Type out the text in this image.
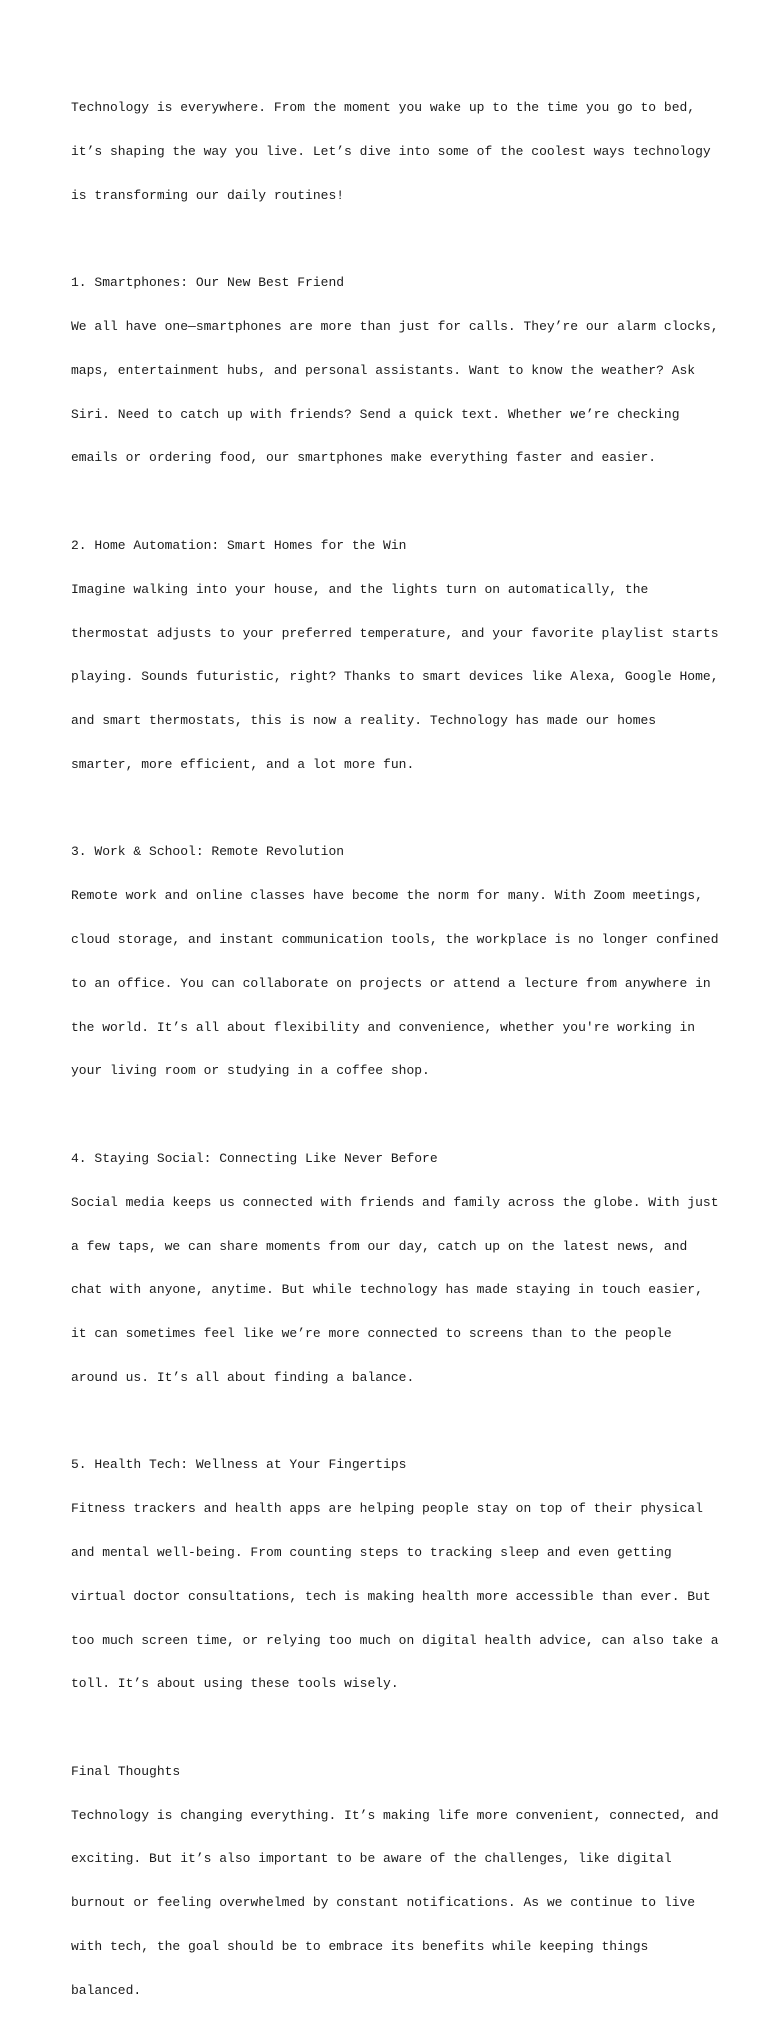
Technology is everywhere. From the moment you wake up to the time you go to bed,

it’s shaping the way you live. Let’s dive into some of the coolest ways technology

is transforming our daily routines!

1. Smartphones: Our New Best Friend

We all have one—smartphones are more than just for calls. They’re our alarm clocks,

maps, entertainment hubs, and personal assistants. Want to know the weather? Ask

Siri. Need to catch up with friends? Send a quick text. Whether we’re checking

emails or ordering food, our smartphones make everything faster and easier.

2. Home Automation: Smart Homes for the Win

Imagine walking into your house, and the lights turn on automatically, the

thermostat adjusts to your preferred temperature, and your favorite playlist starts

playing. Sounds futuristic, right? Thanks to smart devices like Alexa, Google Home,

and smart thermostats, this is now a reality. Technology has made our homes

smarter, more efficient, and a lot more fun.

3. Work & School: Remote Revolution

Remote work and online classes have become the norm for many. With Zoom meetings,

cloud storage, and instant communication tools, the workplace is no longer confined

to an office. You can collaborate on projects or attend a lecture from anywhere in

the world. It’s all about flexibility and convenience, whether you're working in

your living room or studying in a coffee shop.

4. Staying Social: Connecting Like Never Before

Social media keeps us connected with friends and family across the globe. With just

a few taps, we can share moments from our day, catch up on the latest news, and

chat with anyone, anytime. But while technology has made staying in touch easier,

it can sometimes feel like we’re more connected to screens than to the people

around us. It’s all about finding a balance.

5. Health Tech: Wellness at Your Fingertips

Fitness trackers and health apps are helping people stay on top of their physical

and mental well-being. From counting steps to tracking sleep and even getting

virtual doctor consultations, tech is making health more accessible than ever. But

too much screen time, or relying too much on digital health advice, can also take a

toll. It’s about using these tools wisely.

Final Thoughts

Technology is changing everything. It’s making life more convenient, connected, and

exciting. But it’s also important to be aware of the challenges, like digital

burnout or feeling overwhelmed by constant notifications. As we continue to live

with tech, the goal should be to embrace its benefits while keeping things

balanced.
